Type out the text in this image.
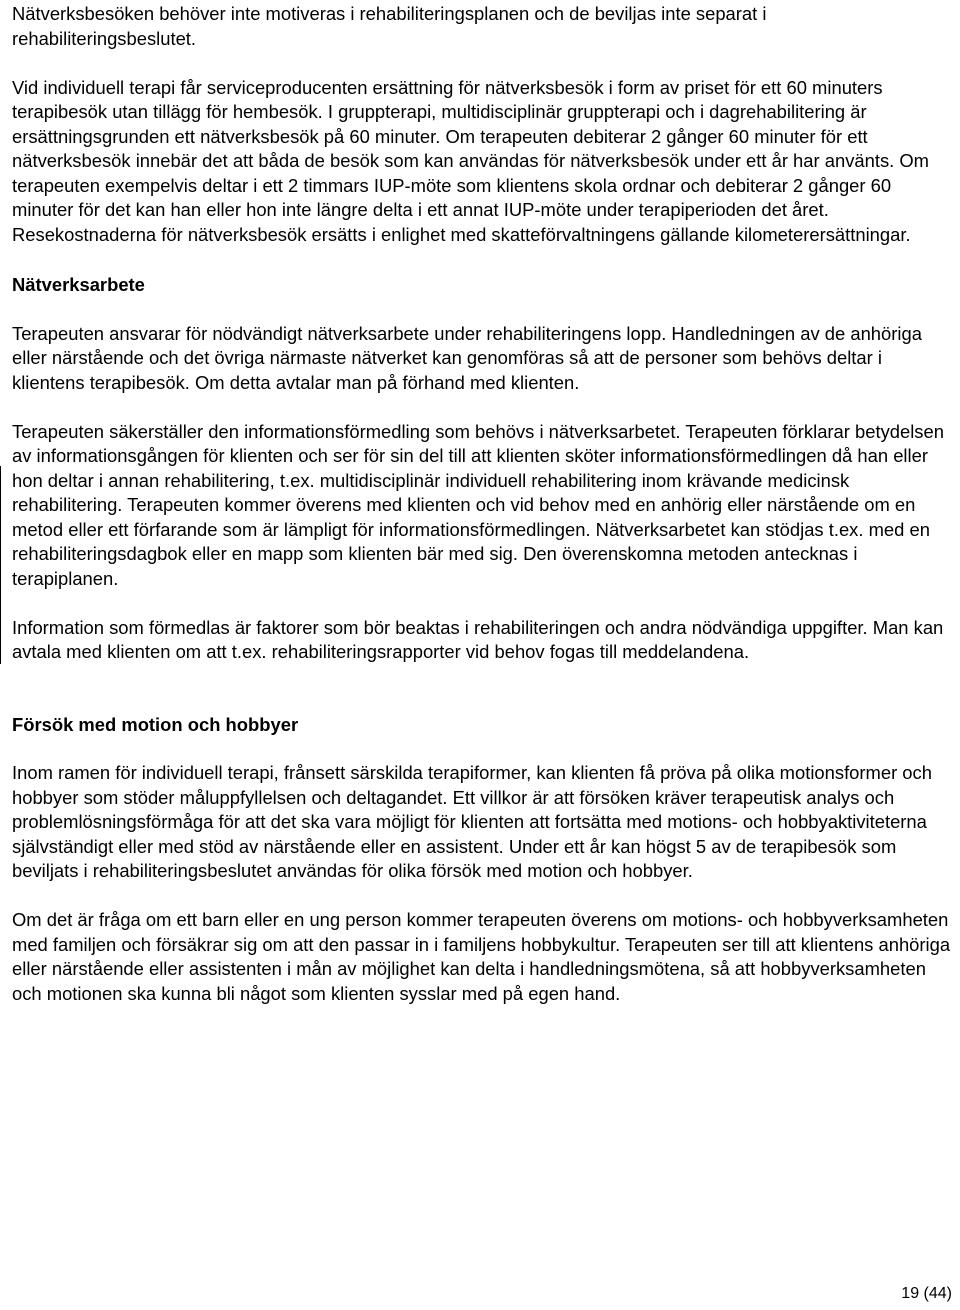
Nätverksbesöken behöver inte motiveras i rehabiliteringsplanen och de beviljas inte separat i rehabiliteringsbeslutet.

Vid individuell terapi får serviceproducenten ersättning för nätverksbesök i form av priset för ett 60 minuters terapibesök utan tillägg för hembesök. I gruppterapi, multidisciplinär gruppterapi och i dagrehabilitering är ersättningsgrunden ett nätverksbesök på 60 minuter. Om terapeuten debiterar 2 gånger 60 minuter för ett nätverksbesök innebär det att båda de besök som kan användas för nätverksbesök under ett år har använts. Om terapeuten exempelvis deltar i ett 2 timmars IUP-möte som klientens skola ordnar och debiterar 2 gånger 60 minuter för det kan han eller hon inte längre delta i ett annat IUP-möte under terapiperioden det året. Resekostnaderna för nätverksbesök ersätts i enlighet med skatteförvaltningens gällande kilometerersättningar.

Nätverksarbete

Terapeuten ansvarar för nödvändigt nätverksarbete under rehabiliteringens lopp. Handledningen av de anhöriga eller närstående och det övriga närmaste nätverket kan genomföras så att de personer som behövs deltar i klientens terapibesök. Om detta avtalar man på förhand med klienten.

Terapeuten säkerställer den informationsförmedling som behövs i nätverksarbetet. Terapeuten förklarar betydelsen av informationsgången för klienten och ser för sin del till att klienten sköter informationsförmedlingen då han eller hon deltar i annan rehabilitering, t.ex. multidisciplinär individuell rehabilitering inom krävande medicinsk rehabilitering. Terapeuten kommer överens med klienten och vid behov med en anhörig eller närstående om en metod eller ett förfarande som är lämpligt för informationsförmedlingen. Nätverksarbetet kan stödjas t.ex. med en rehabiliteringsdagbok eller en mapp som klienten bär med sig. Den överenskomna metoden antecknas i terapiplanen.

Information som förmedlas är faktorer som bör beaktas i rehabiliteringen och andra nödvändiga uppgifter. Man kan avtala med klienten om att t.ex. rehabiliteringsrapporter vid behov fogas till meddelandena.

Försök med motion och hobbyer

Inom ramen för individuell terapi, frånsett särskilda terapiformer, kan klienten få pröva på olika motionsformer och hobbyer som stöder måluppfyllelsen och deltagandet. Ett villkor är att försöken kräver terapeutisk analys och problemlösningsförmåga för att det ska vara möjligt för klienten att fortsätta med motions- och hobbyaktiviteterna självständigt eller med stöd av närstående eller en assistent. Under ett år kan högst 5 av de terapibesök som beviljats i rehabiliteringsbeslutet användas för olika försök med motion och hobbyer.

Om det är fråga om ett barn eller en ung person kommer terapeuten överens om motions- och hobbyverksamheten med familjen och försäkrar sig om att den passar in i familjens hobbykultur. Terapeuten ser till att klientens anhöriga eller närstående eller assistenten i mån av möjlighet kan delta i handledningsmötena, så att hobbyverksamheten och motionen ska kunna bli något som klienten sysslar med på egen hand.

19 (44)
